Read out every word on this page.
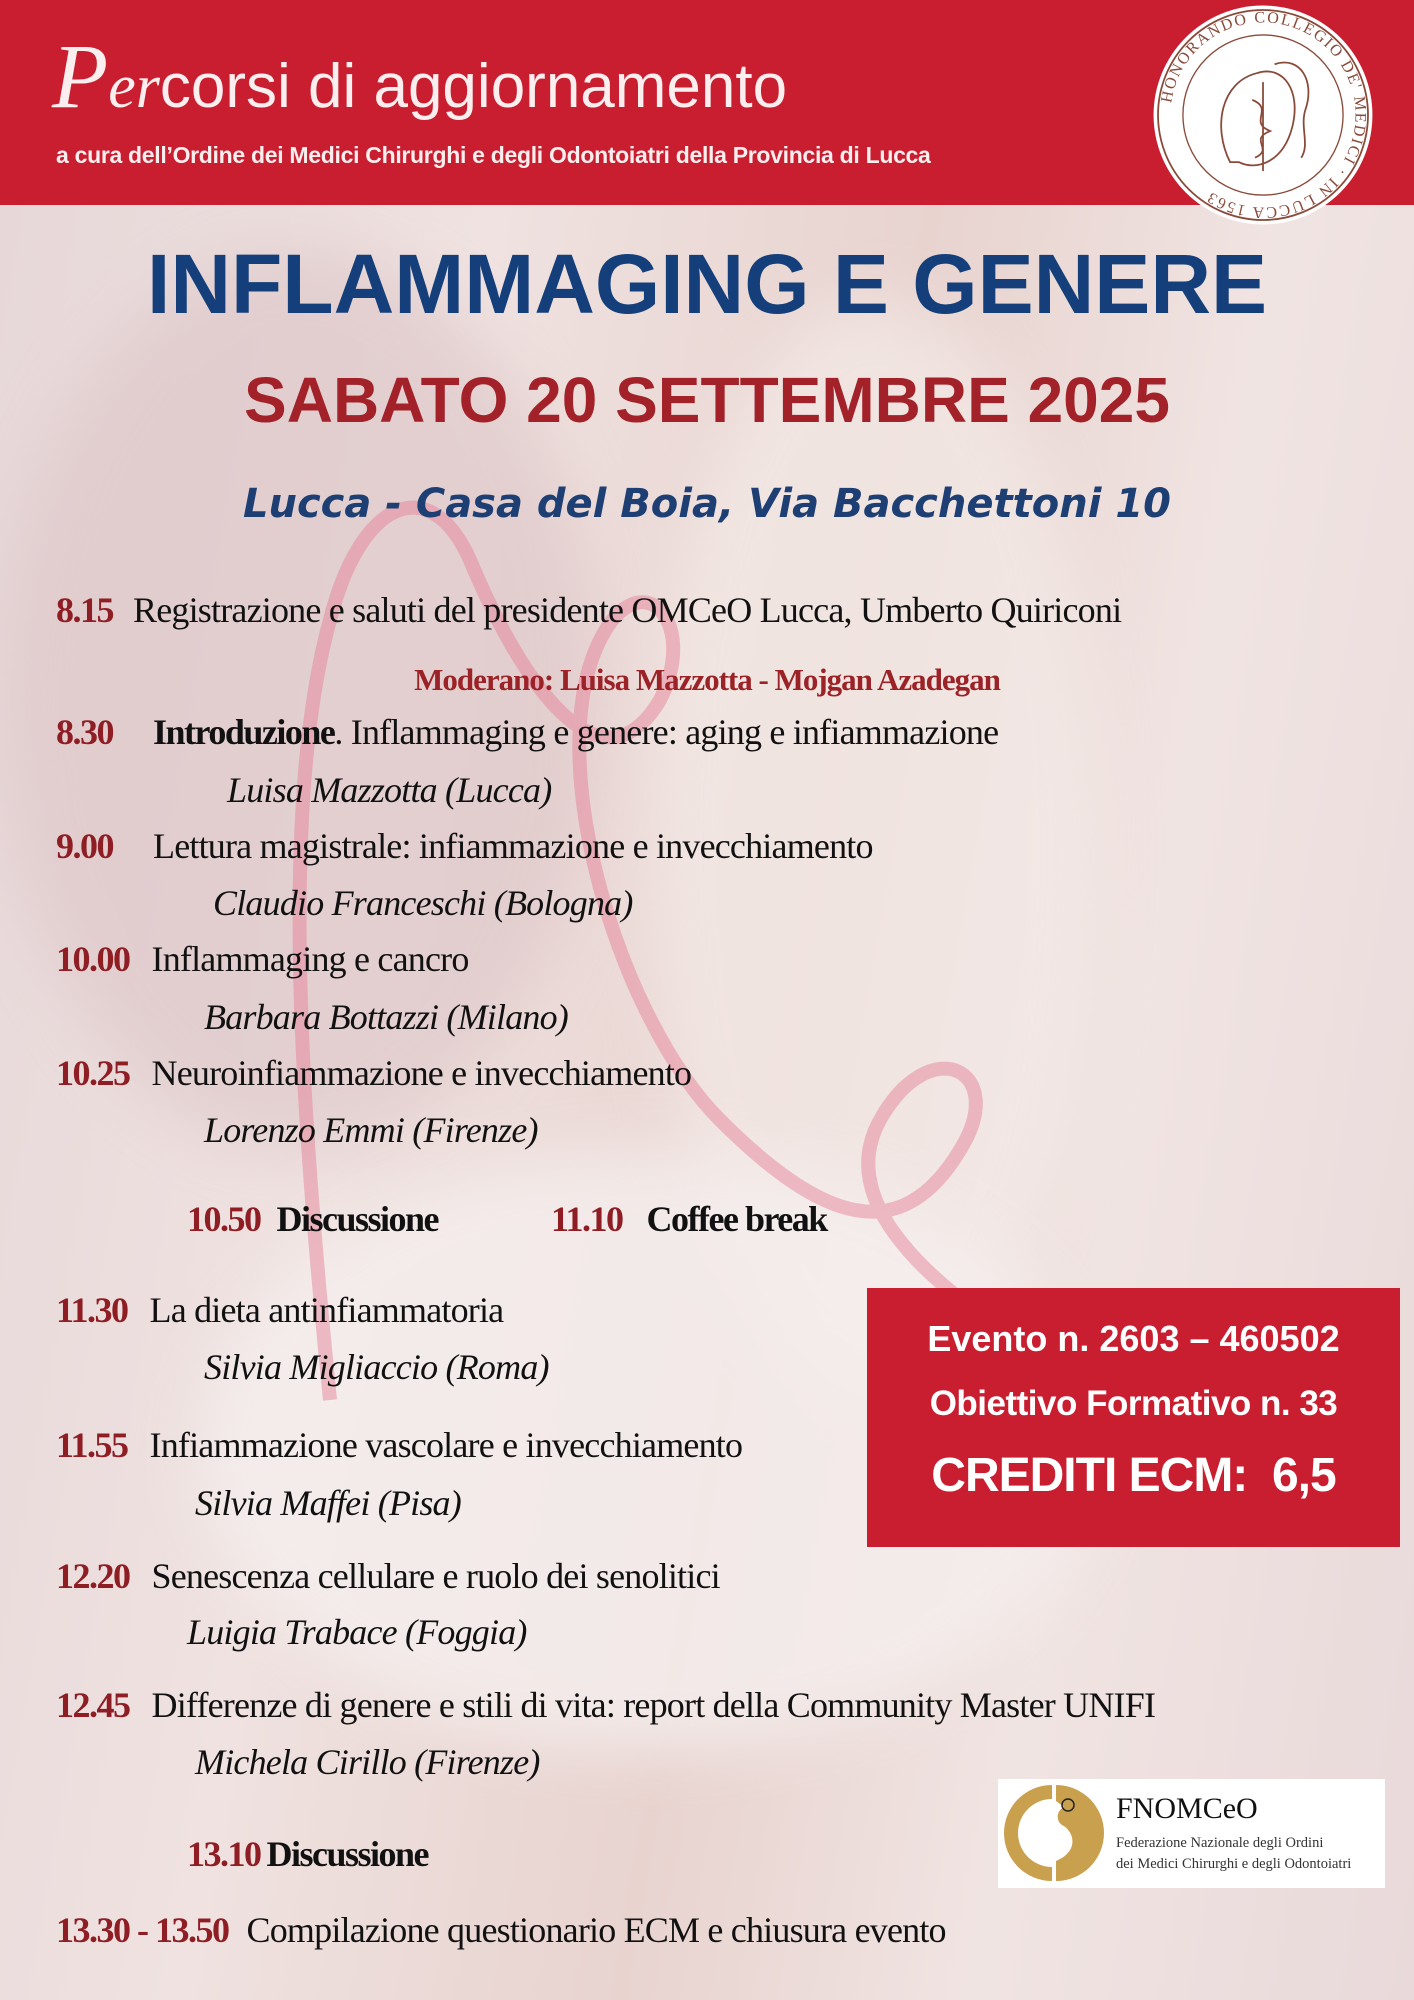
Percorsi di aggiornamento
a cura dell’Ordine dei Medici Chirurghi e degli Odontoiatri della Provincia di Lucca
HONORANDO COLLEGIO DE' MEDICI · IN LUCCA 1563
INFLAMMAGING E GENERE
SABATO 20 SETTEMBRE 2025
Lucca - Casa del Boia, Via Bacchettoni 10
8.15 Registrazione e saluti del presidente OMCeO Lucca, Umberto Quiriconi
Moderano: Luisa Mazzotta - Mojgan Azadegan
8.30 Introduzione. Inflammaging e genere: aging e infiammazione
Luisa Mazzotta (Lucca)
9.00 Lettura magistrale: infiammazione e invecchiamento
Claudio Franceschi (Bologna)
10.00 Inflammaging e cancro
Barbara Bottazzi (Milano)
10.25 Neuroinfiammazione e invecchiamento
Lorenzo Emmi (Firenze)
10.50 Discussione	11.10 Coffee break
11.30 La dieta antinfiammatoria
Silvia Migliaccio (Roma)
11.55 Infiammazione vascolare e invecchiamento
Silvia Maffei (Pisa)
12.20 Senescenza cellulare e ruolo dei senolitici
Luigia Trabace (Foggia)
12.45 Differenze di genere e stili di vita: report della Community Master UNIFI
Michela Cirillo (Firenze)
13.10 Discussione
13.30 - 13.50 Compilazione questionario ECM e chiusura evento
Evento n. 2603 – 460502
Obiettivo Formativo n. 33
CREDITI ECM:  6,5
FNOMCeO
Federazione Nazionale degli Ordini
dei Medici Chirurghi e degli Odontoiatri
